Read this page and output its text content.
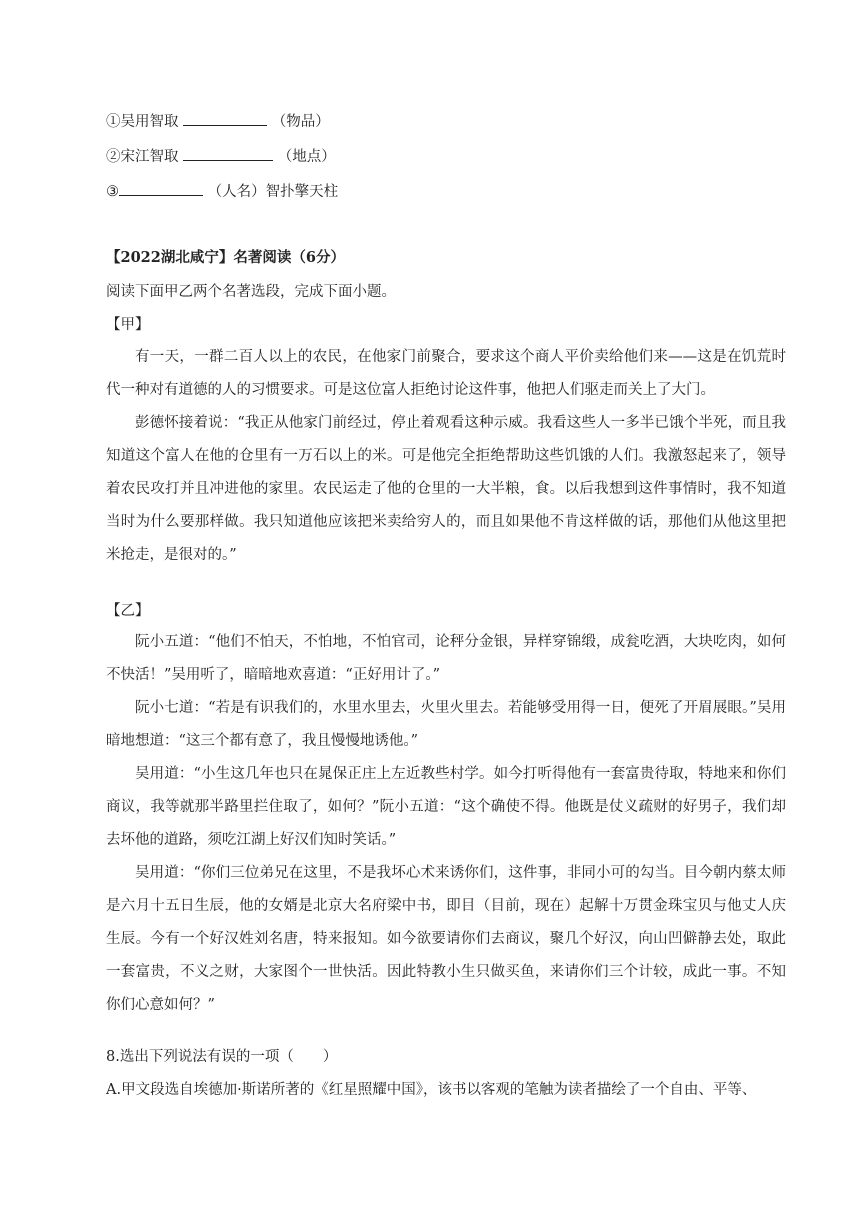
①吴用智取	（物品）
②宋江智取	（地点）
③	（人名）智扑擎天柱
【2022湖北咸宁】名著阅读（6分）
阅读下面甲乙两个名著选段，完成下面小题。
【甲】

有一天，一群二百人以上的农民，在他家门前聚合，要求这个商人平价卖给他们来——这是在饥荒时代一种对有道德的人的习惯要求。可是这位富人拒绝讨论这件事，他把人们驱走而关上了大门。

彭德怀接着说：“我正从他家门前经过，停止着观看这种示威。我看这些人一多半已饿个半死，而且我知道这个富人在他的仓里有一万石以上的米。可是他完全拒绝帮助这些饥饿的人们。我激怒起来了，领导着农民攻打并且冲进他的家里。农民运走了他的仓里的一大半粮，食。以后我想到这件事情时，我不知道当时为什么要那样做。我只知道他应该把米卖给穷人的，而且如果他不肯这样做的话，那他们从他这里把米抢走，是很对的。”

【乙】

阮小五道：“他们不怕天，不怕地，不怕官司，论秤分金银，异样穿锦缎，成瓮吃酒，大块吃肉，如何不快活！”吴用听了，暗暗地欢喜道：“正好用计了。”

阮小七道：“若是有识我们的，水里水里去，火里火里去。若能够受用得一日，便死了开眉展眼。”吴用暗地想道：“这三个都有意了，我且慢慢地诱他。”

吴用道：“小生这几年也只在晁保正庄上左近教些村学。如今打听得他有一套富贵待取，特地来和你们商议，我等就那半路里拦住取了，如何？”阮小五道：“这个确使不得。他既是仗义疏财的好男子，我们却去坏他的道路，须吃江湖上好汉们知时笑话。”

吴用道：“你们三位弟兄在这里，不是我坏心术来诱你们，这件事，非同小可的勾当。目今朝内蔡太师是六月十五日生辰，他的女婿是北京大名府梁中书，即目（目前，现在）起解十万贯金珠宝贝与他丈人庆生辰。今有一个好汉姓刘名唐，特来报知。如今欲要请你们去商议，聚几个好汉，向山凹僻静去处，取此一套富贵，不义之财，大家图个一世快活。因此特教小生只做买鱼，来请你们三个计较，成此一事。不知你们心意如何？”

8.选出下列说法有误的一项（　　）
A.甲文段选自埃德加·斯诺所著的《红星照耀中国》，该书以客观的笔触为读者描绘了一个自由、平等、
